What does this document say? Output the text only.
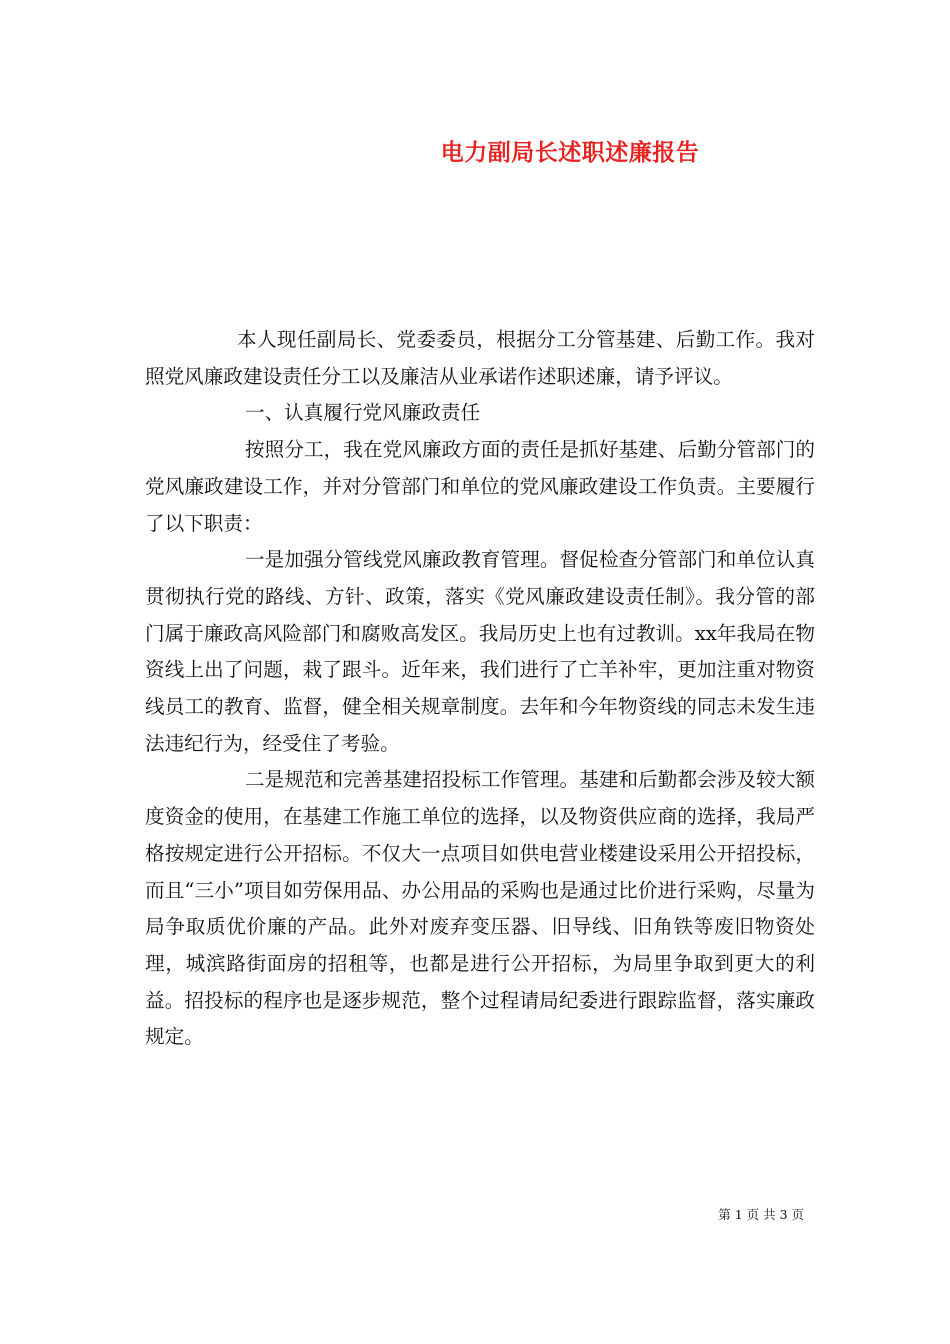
电力副局长述职述廉报告

本人现任副局长、党委委员，根据分工分管基建、后勤工作。我对照党风廉政建设责任分工以及廉洁从业承诺作述职述廉，请予评议。

一、认真履行党风廉政责任

按照分工，我在党风廉政方面的责任是抓好基建、后勤分管部门的党风廉政建设工作，并对分管部门和单位的党风廉政建设工作负责。主要履行了以下职责：

一是加强分管线党风廉政教育管理。督促检查分管部门和单位认真贯彻执行党的路线、方针、政策，落实《党风廉政建设责任制》。我分管的部门属于廉政高风险部门和腐败高发区。我局历史上也有过教训。xx年我局在物资线上出了问题，栽了跟斗。近年来，我们进行了亡羊补牢，更加注重对物资线员工的教育、监督，健全相关规章制度。去年和今年物资线的同志未发生违法违纪行为，经受住了考验。

二是规范和完善基建招投标工作管理。基建和后勤都会涉及较大额度资金的使用，在基建工作施工单位的选择，以及物资供应商的选择，我局严格按规定进行公开招标。不仅大一点项目如供电营业楼建设采用公开招投标，而且“三小”项目如劳保用品、办公用品的采购也是通过比价进行采购，尽量为局争取质优价廉的产品。此外对废弃变压器、旧导线、旧角铁等废旧物资处理，城滨路街面房的招租等，也都是进行公开招标，为局里争取到更大的利益。招投标的程序也是逐步规范，整个过程请局纪委进行跟踪监督，落实廉政规定。

第 1 页 共 3 页
